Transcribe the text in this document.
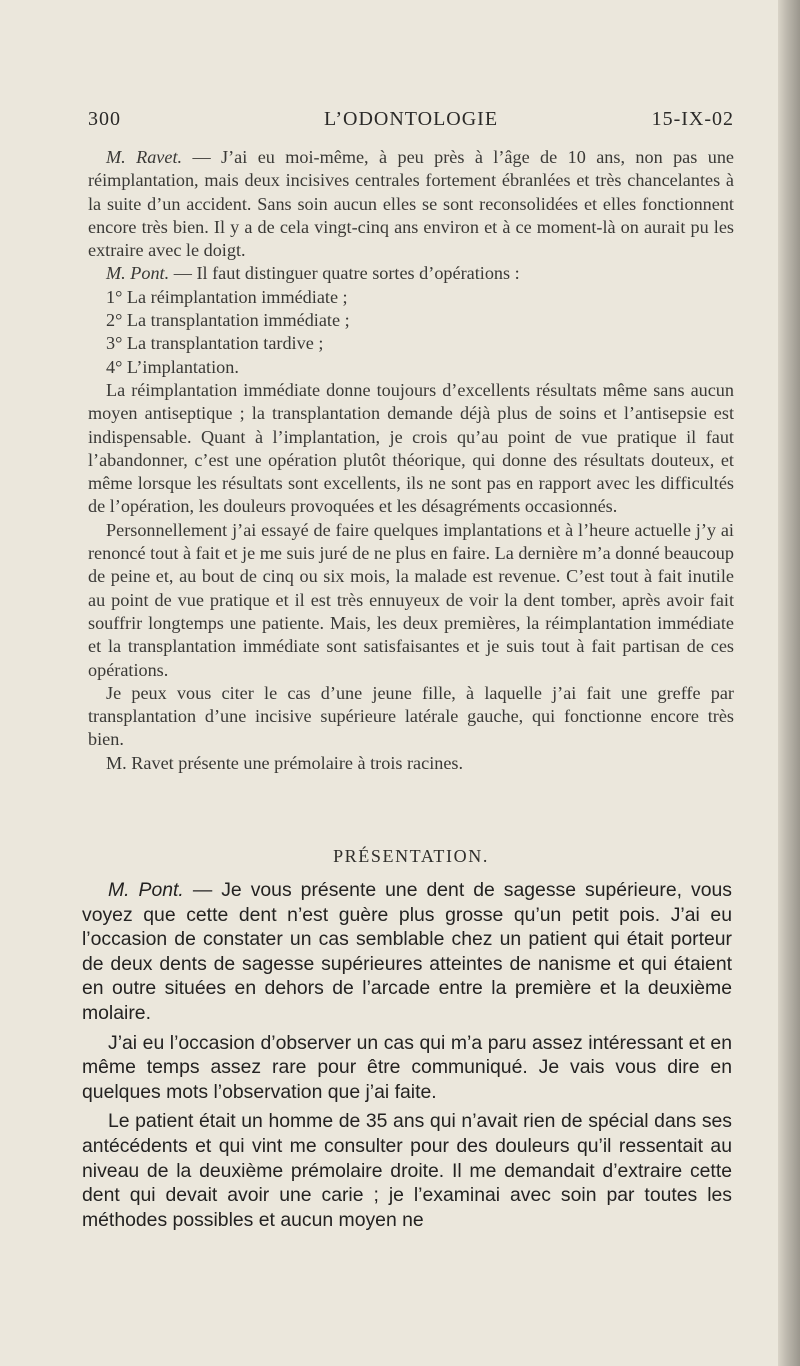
300	L’ODONTOLOGIE	15-IX-02

M. Ravet. — J’ai eu moi-même, à peu près à l’âge de 10 ans, non pas une réimplantation, mais deux incisives centrales fortement ébranlées et très chancelantes à la suite d’un accident. Sans soin aucun elles se sont reconsolidées et elles fonctionnent encore très bien. Il y a de cela vingt-cinq ans environ et à ce moment-là on aurait pu les extraire avec le doigt.

M. Pont. — Il faut distinguer quatre sortes d’opérations :

1° La réimplantation immédiate ;

2° La transplantation immédiate ;

3° La transplantation tardive ;

4° L’implantation.

La réimplantation immédiate donne toujours d’excellents résultats même sans aucun moyen antiseptique ; la transplantation demande déjà plus de soins et l’antisepsie est indispensable. Quant à l’implantation, je crois qu’au point de vue pratique il faut l’abandonner, c’est une opération plutôt théorique, qui donne des résultats douteux, et même lorsque les résultats sont excellents, ils ne sont pas en rapport avec les difficultés de l’opération, les douleurs provoquées et les désagréments occasionnés.

Personnellement j’ai essayé de faire quelques implantations et à l’heure actuelle j’y ai renoncé tout à fait et je me suis juré de ne plus en faire. La dernière m’a donné beaucoup de peine et, au bout de cinq ou six mois, la malade est revenue. C’est tout à fait inutile au point de vue pratique et il est très ennuyeux de voir la dent tomber, après avoir fait souffrir longtemps une patiente. Mais, les deux premières, la réimplantation immédiate et la transplantation immédiate sont satisfaisantes et je suis tout à fait partisan de ces opérations.

Je peux vous citer le cas d’une jeune fille, à laquelle j’ai fait une greffe par transplantation d’une incisive supérieure latérale gauche, qui fonctionne encore très bien.

M. Ravet présente une prémolaire à trois racines.

PRÉSENTATION.

M. Pont. — Je vous présente une dent de sagesse supérieure, vous voyez que cette dent n’est guère plus grosse qu’un petit pois. J’ai eu l’occasion de constater un cas semblable chez un patient qui était porteur de deux dents de sagesse supérieures atteintes de nanisme et qui étaient en outre situées en dehors de l’arcade entre la première et la deuxième molaire.

J’ai eu l’occasion d’observer un cas qui m’a paru assez intéressant et en même temps assez rare pour être communiqué. Je vais vous dire en quelques mots l’observation que j’ai faite.

Le patient était un homme de 35 ans qui n’avait rien de spécial dans ses antécédents et qui vint me consulter pour des douleurs qu’il ressentait au niveau de la deuxième prémolaire droite. Il me demandait d’extraire cette dent qui devait avoir une carie ; je l’examinai avec soin par toutes les méthodes possibles et aucun moyen ne
